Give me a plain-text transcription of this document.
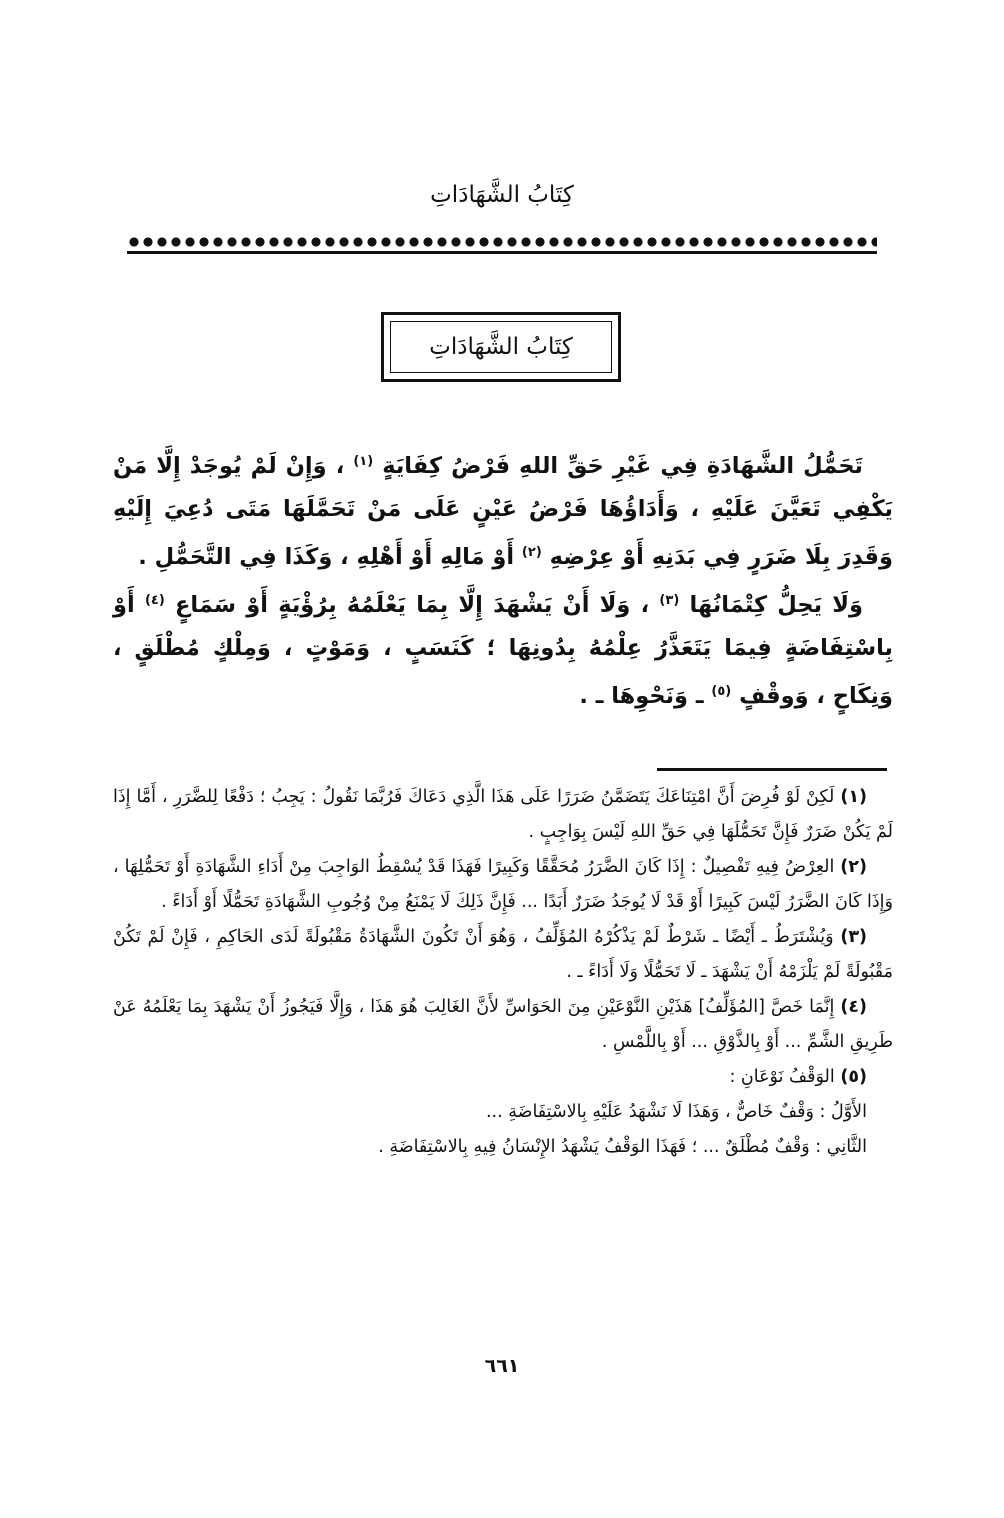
كِتَابُ الشَّهَادَاتِ
كِتَابُ الشَّهَادَاتِ

تَحَمُّلُ الشَّهَادَةِ فِي غَيْرِ حَقِّ اللهِ فَرْضُ كِفَايَةٍ $^{(١)}$ ، وَإِنْ لَمْ يُوجَدْ إِلَّا مَنْ يَكْفِي تَعَيَّنَ عَلَيْهِ ، وَأَدَاؤُهَا فَرْضُ عَيْنٍ عَلَى مَنْ تَحَمَّلَهَا مَتَى دُعِيَ إِلَيْهِ وَقَدِرَ بِلَا ضَرَرٍ فِي بَدَنِهِ أَوْ عِرْضِهِ $^{(٢)}$ أَوْ مَالِهِ أَوْ أَهْلِهِ ، وَكَذَا فِي التَّحَمُّلِ .

وَلَا يَحِلُّ كِتْمَانُهَا $^{(٣)}$ ، وَلَا أَنْ يَشْهَدَ إِلَّا بِمَا يَعْلَمُهُ بِرُؤْيَةٍ أَوْ سَمَاعٍ $^{(٤)}$ أَوْ بِاسْتِفَاضَةٍ فِيمَا يَتَعَذَّرُ عِلْمُهُ بِدُونِهَا ؛ كَنَسَبٍ ، وَمَوْتٍ ، وَمِلْكٍ مُطْلَقٍ ، وَنِكَاحٍ ، وَوقْفٍ $^{(٥)}$ ـ وَنَحْوِهَا ـ .

(١) لَكِنْ لَوْ فُرِضَ أَنَّ امْتِنَاعَكَ يَتَضَمَّنُ ضَرَرًا عَلَى هَذَا الَّذِي دَعَاكَ فَرُبَّمَا نَقُولُ : يَجِبُ ؛ دَفْعًا لِلضَّرَرِ ، أَمَّا إِذَا لَمْ يَكُنْ ضَرَرٌ فَإِنَّ تَحَمُّلَهَا فِي حَقِّ اللهِ لَيْسَ بِوَاجِبٍ .

(٢) العِرْضُ فِيهِ تَفْصِيلٌ : إِذَا كَانَ الضَّرَرُ مُحَقَّقًا وَكَبِيرًا فَهَذَا قَدْ يُسْقِطُ الوَاجِبَ مِنْ أَدَاءِ الشَّهَادَةِ أَوْ تَحَمُّلِهَا ، وَإِذَا كَانَ الضَّرَرُ لَيْسَ كَبِيرًا أَوْ قَدْ لَا يُوجَدُ ضَرَرٌ أَبَدًا ... فَإِنَّ ذَلِكَ لَا يَمْنَعُ مِنْ وُجُوبِ الشَّهَادَةِ تَحَمُّلًا أَوْ أَدَاءً .

(٣) وَيُشْتَرَطُ ـ أَيْضًا ـ شَرْطٌ لَمْ يَذْكُرْهُ المُؤَلِّفُ ، وَهُوَ أَنْ تَكُونَ الشَّهَادَةُ مَقْبُولَةً لَدَى الحَاكِمِ ، فَإِنْ لَمْ تَكُنْ مَقْبُولَةً لَمْ يَلْزَمْهُ أَنْ يَشْهَدَ ـ لَا تَحَمُّلًا وَلَا أَدَاءً ـ .

(٤) إِنَّمَا خَصَّ [المُؤَلِّفُ] هَذَيْنِ النَّوْعَيْنِ مِنَ الحَوَاسِّ لأَنَّ الغَالِبَ هُوَ هَذَا ، وَإِلَّا فَيَجُوزُ أَنْ يَشْهَدَ بِمَا يَعْلَمُهُ عَنْ طَرِيقِ الشَّمِّ ... أَوْ بِالذَّوْقِ ... أَوْ بِاللَّمْسِ .

(٥) الوَقْفُ نَوْعَانِ :

الأَوَّلُ : وَقْفٌ خَاصٌّ ، وَهَذَا لَا نَشْهَدُ عَلَيْهِ بِالاسْتِفَاضَةِ ...

الثَّانِي : وَقْفٌ مُطْلَقٌ ... ؛ فَهَذَا الوَقْفُ يَشْهَدُ الإِنْسَانُ فِيهِ بِالاسْتِفَاضَةِ .

٦٦١
